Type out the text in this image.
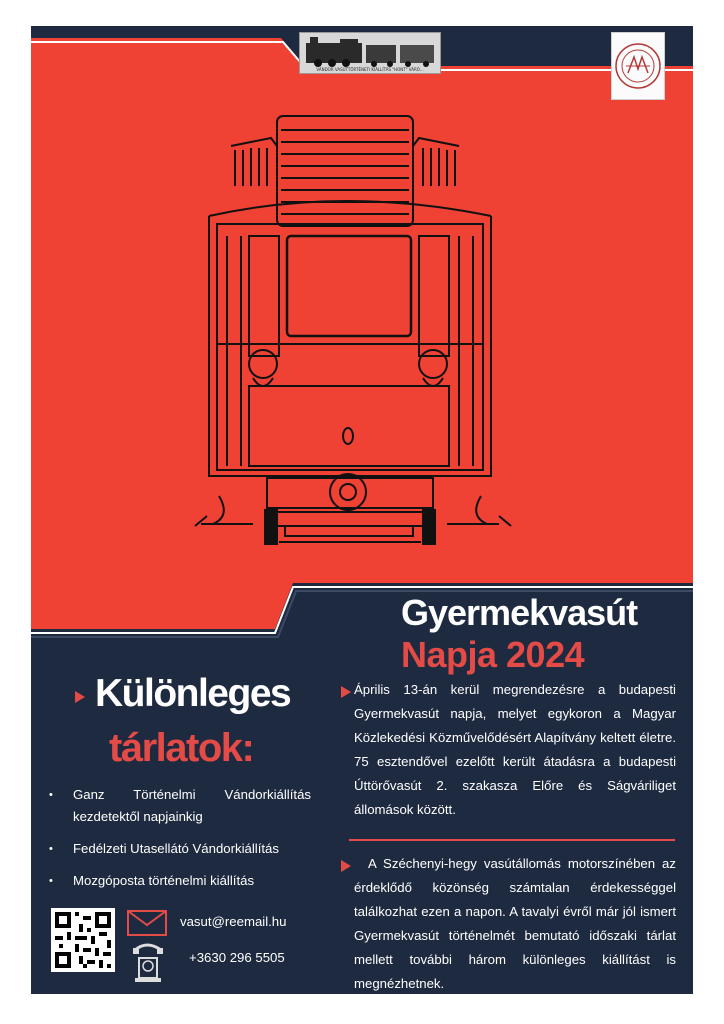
VÁNDOR VASÚTTÖRTÉNETI KIÁLLÍTÁS "HONT" VÁRÓ...
Gyermekvasút
Napja 2024
Különleges
tárlatok:
• Ganz Történelmi Vándorkiállítás kezdetektől napjainkig
• Fedélzeti Utasellátó Vándorkiállítás
• Mozgóposta történelmi kiállítás

Április 13-án kerül megrendezésre a budapesti Gyermekvasút napja, melyet egykoron a Magyar Közlekedési Közművelődésért Alapítvány keltett életre. 75 esztendővel ezelőtt került átadásra a budapesti Úttörővasút 2. szakasza Előre és Ságváriliget állomások között.

A Széchenyi-hegy vasútállomás motorszínében az érdeklődő közönség számtalan érdekességgel találkozhat ezen a napon. A tavalyi évről már jól ismert Gyermekvasút történelmét bemutató időszaki tárlat mellett további három különleges kiállítást is megnézhetnek.

vasut@reemail.hu
+3630 296 5505
